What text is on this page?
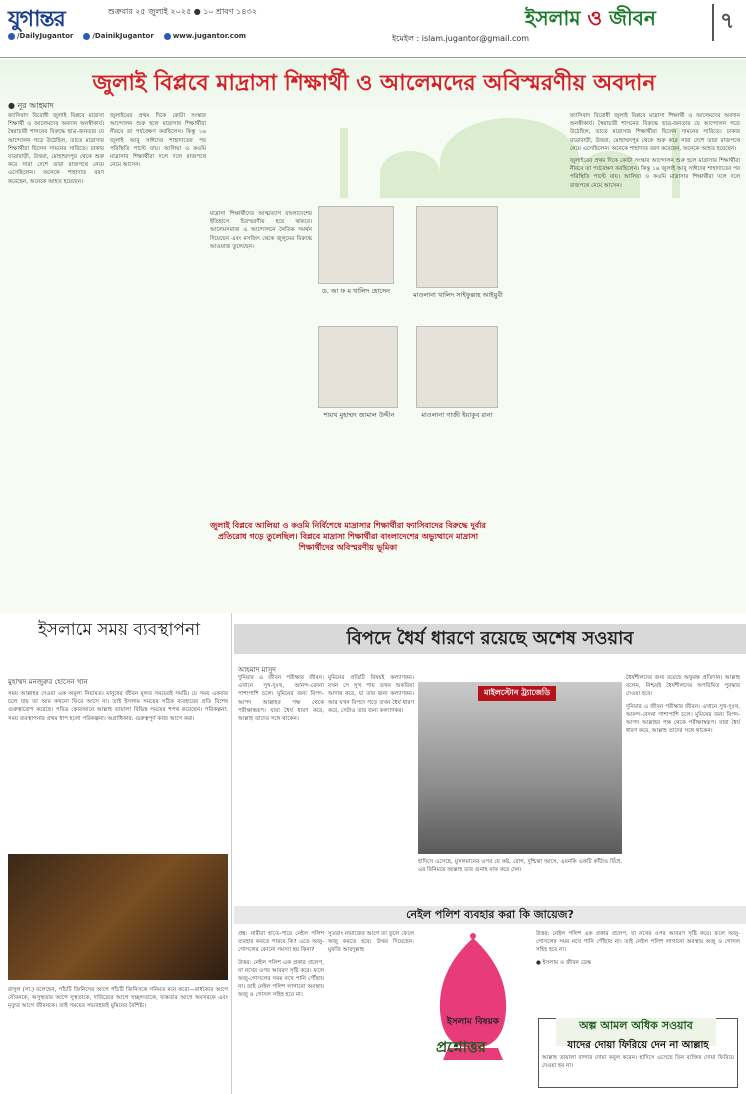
যুগান্তর	শুক্রবার ২৫ জুলাই ২০২৫ ● ১০ শ্রাবণ ১৪৩২
/DailyJugantor	/DainikJugantor	www.jugantor.com	ইমেইল : islam.jugantor@gmail.com
ইসলাম ও জীবন	৭
জুলাই বিপ্লবে মাদ্রাসা শিক্ষার্থী ও আলেমদের অবিস্মরণীয় অবদান
● নূর আহমাদ

ফ্যাসিবাদ বিরোধী জুলাই বিপ্লবে মাদ্রাসা শিক্ষার্থী ও আলেমদের অবদান অনস্বীকার্য। স্বৈরাচারী শাসনের বিরুদ্ধে ছাত্র-জনতার যে আন্দোলন গড়ে উঠেছিল, তাতে মাদ্রাসার শিক্ষার্থীরা ছিলেন সামনের সারিতে। ঢাকার যাত্রাবাড়ী, উত্তরা, মোহাম্মদপুর থেকে শুরু করে সারা দেশে তারা রাজপথে নেমে এসেছিলেন। অনেকে শাহাদাত বরণ করেছেন, অনেকে আহত হয়েছেন।

জুলাইয়ের প্রথম দিকে কোটা সংস্কার আন্দোলন শুরু হলে মাদ্রাসার শিক্ষার্থীরা নীরবে তা পর্যবেক্ষণ করছিলেন। কিন্তু ১৬ জুলাই আবু সাঈদের শাহাদাতের পর পরিস্থিতি পাল্টে যায়। আলিয়া ও কওমি মাদ্রাসার শিক্ষার্থীরা দলে দলে রাজপথে নেমে আসেন।

মাদ্রাসা শিক্ষার্থীদের আত্মত্যাগ বাংলাদেশের ইতিহাসে চিরস্মরণীয় হয়ে থাকবে। আলেমসমাজ এ আন্দোলনে নৈতিক সমর্থন দিয়েছেন এবং মসজিদ থেকে জুলুমের বিরুদ্ধে আওয়াজ তুলেছেন।

ফ্যাসিবাদ বিরোধী জুলাই বিপ্লবে মাদ্রাসা শিক্ষার্থী ও আলেমদের অবদান অনস্বীকার্য। স্বৈরাচারী শাসনের বিরুদ্ধে ছাত্র-জনতার যে আন্দোলন গড়ে উঠেছিল, তাতে মাদ্রাসার শিক্ষার্থীরা ছিলেন সামনের সারিতে। ঢাকার যাত্রাবাড়ী, উত্তরা, মোহাম্মদপুর থেকে শুরু করে সারা দেশে তারা রাজপথে নেমে এসেছিলেন। অনেকে শাহাদাত বরণ করেছেন, অনেকে আহত হয়েছেন।

জুলাইয়ের প্রথম দিকে কোটা সংস্কার আন্দোলন শুরু হলে মাদ্রাসার শিক্ষার্থীরা নীরবে তা পর্যবেক্ষণ করছিলেন। কিন্তু ১৬ জুলাই আবু সাঈদের শাহাদাতের পর পরিস্থিতি পাল্টে যায়। আলিয়া ও কওমি মাদ্রাসার শিক্ষার্থীরা দলে দলে রাজপথে নেমে আসেন।

ড. আ ফ ম খালিদ হোসেন	মাওলানা খালিদ সাইফুল্লাহ আইয়ুবী
শায়খ মুহাম্মদ জামাল উদ্দীন	মাওলানা গাজী ইয়াকুব রানা
জুলাই বিপ্লবে আলিয়া ও কওমি নির্বিশেষে মাদ্রাসার শিক্ষার্থীরা ফ্যাসিবাদের বিরুদ্ধে দুর্বার প্রতিরোধ গড়ে তুলেছিল। বিপ্লবে মাদ্রাসা শিক্ষার্থীরা বাংলাদেশের অভ্যুত্থানে মাদ্রাসা শিক্ষার্থীদের অবিস্মরণীয় ভূমিকা
ইসলামে সময় ব্যবস্থাপনা
মুহাম্মদ মনজুরুর হোসেন খান

সময় আল্লাহর দেওয়া এক অমূল্য নিয়ামত। মানুষের জীবন মূলত সময়েরই সমষ্টি। যে সময় একবার চলে যায় তা আর কখনো ফিরে আসে না। তাই ইসলাম সময়ের সঠিক ব্যবহারের প্রতি বিশেষ গুরুত্বারোপ করেছে। পবিত্র কোরআনে আল্লাহ তায়ালা বিভিন্ন সময়ের শপথ করেছেন। পরিকল্পনা: সময় ব্যবস্থাপনার প্রথম ধাপ হলো পরিকল্পনা। অগ্রাধিকার: গুরুত্বপূর্ণ কাজ আগে করা।

রাসুল (সা.) বলেছেন, পাঁচটি জিনিসের আগে পাঁচটি জিনিসকে গনিমত মনে করো—বার্ধক্যের আগে যৌবনকে, অসুস্থতার আগে সুস্থতাকে, দারিদ্র্যের আগে সচ্ছলতাকে, ব্যস্ততার আগে অবসরকে এবং মৃত্যুর আগে জীবনকে। তাই সময়ের সদ্ব্যবহারই মুমিনের বৈশিষ্ট্য।

বিপদে ধৈর্য ধারণে রয়েছে অশেষ সওয়াব
আহমাদ মাসুদ

দুনিয়ার এ জীবন পরীক্ষার জীবন। এখানে সুখ-দুঃখ, আনন্দ-বেদনা পাশাপাশি চলে। মুমিনের জন্য বিপদ-আপদ আল্লাহর পক্ষ থেকে পরীক্ষাস্বরূপ। যারা ধৈর্য ধারণ করে, আল্লাহ তাদের সঙ্গে থাকেন।

মুমিনের প্রতিটি বিষয়ই কল্যাণকর। যখন সে সুখ পায় তখন শুকরিয়া আদায় করে, যা তার জন্য কল্যাণকর। আর যখন বিপদে পড়ে তখন ধৈর্য ধারণ করে, সেটাও তার জন্য কল্যাণকর।

মাইলস্টোন ট্র্যাজেডি

হাদিসে এসেছে, মুসলমানের ওপর যে কষ্ট, রোগ, দুশ্চিন্তা আসে, এমনকি একটি কাঁটাও বিঁধে, এর বিনিময়ে আল্লাহ তার গুনাহ মাফ করে দেন।

ধৈর্যশীলদের জন্য রয়েছে অফুরন্ত প্রতিদান। আল্লাহ বলেন, নিশ্চয়ই ধৈর্যশীলদের অপরিমিত পুরস্কার দেওয়া হবে।

দুনিয়ার এ জীবন পরীক্ষার জীবন। এখানে সুখ-দুঃখ, আনন্দ-বেদনা পাশাপাশি চলে। মুমিনের জন্য বিপদ-আপদ আল্লাহর পক্ষ থেকে পরীক্ষাস্বরূপ। যারা ধৈর্য ধারণ করে, আল্লাহ তাদের সঙ্গে থাকেন।

নেইল পলিশ ব্যবহার করা কি জায়েজ?

প্রশ্ন: নারীরা হাতে-পায়ে নেইল পলিশ ব্যবহার করতে পারবে কি? এতে অজু-গোসলের কোনো সমস্যা হয় কিনা?

উত্তর: নেইল পলিশ এক প্রকার প্রলেপ, যা নখের ওপর আবরণ সৃষ্টি করে। ফলে অজু-গোসলের সময় নখে পানি পৌঁছায় না। তাই নেইল পলিশ লাগানো অবস্থায় অজু ও গোসল সহিহ হবে না।

সুতরাং নামাজের আগে তা তুলে ফেলে অজু করতে হবে। উত্তর দিয়েছেন: মুফতি আবদুল্লাহ

ইসলাম বিষয়ক
প্রশ্নোত্তর

উত্তর: নেইল পলিশ এক প্রকার প্রলেপ, যা নখের ওপর আবরণ সৃষ্টি করে। ফলে অজু-গোসলের সময় নখে পানি পৌঁছায় না। তাই নেইল পলিশ লাগানো অবস্থায় অজু ও গোসল সহিহ হবে না।

● ইসলাম ও জীবন ডেস্ক

অল্প আমল অধিক সওয়াব
যাদের দোয়া ফিরিয়ে দেন না আল্লাহ
আল্লাহ তায়ালা বান্দার দোয়া কবুল করেন। হাদিসে এসেছে তিন ব্যক্তির দোয়া ফিরিয়ে দেওয়া হয় না।
